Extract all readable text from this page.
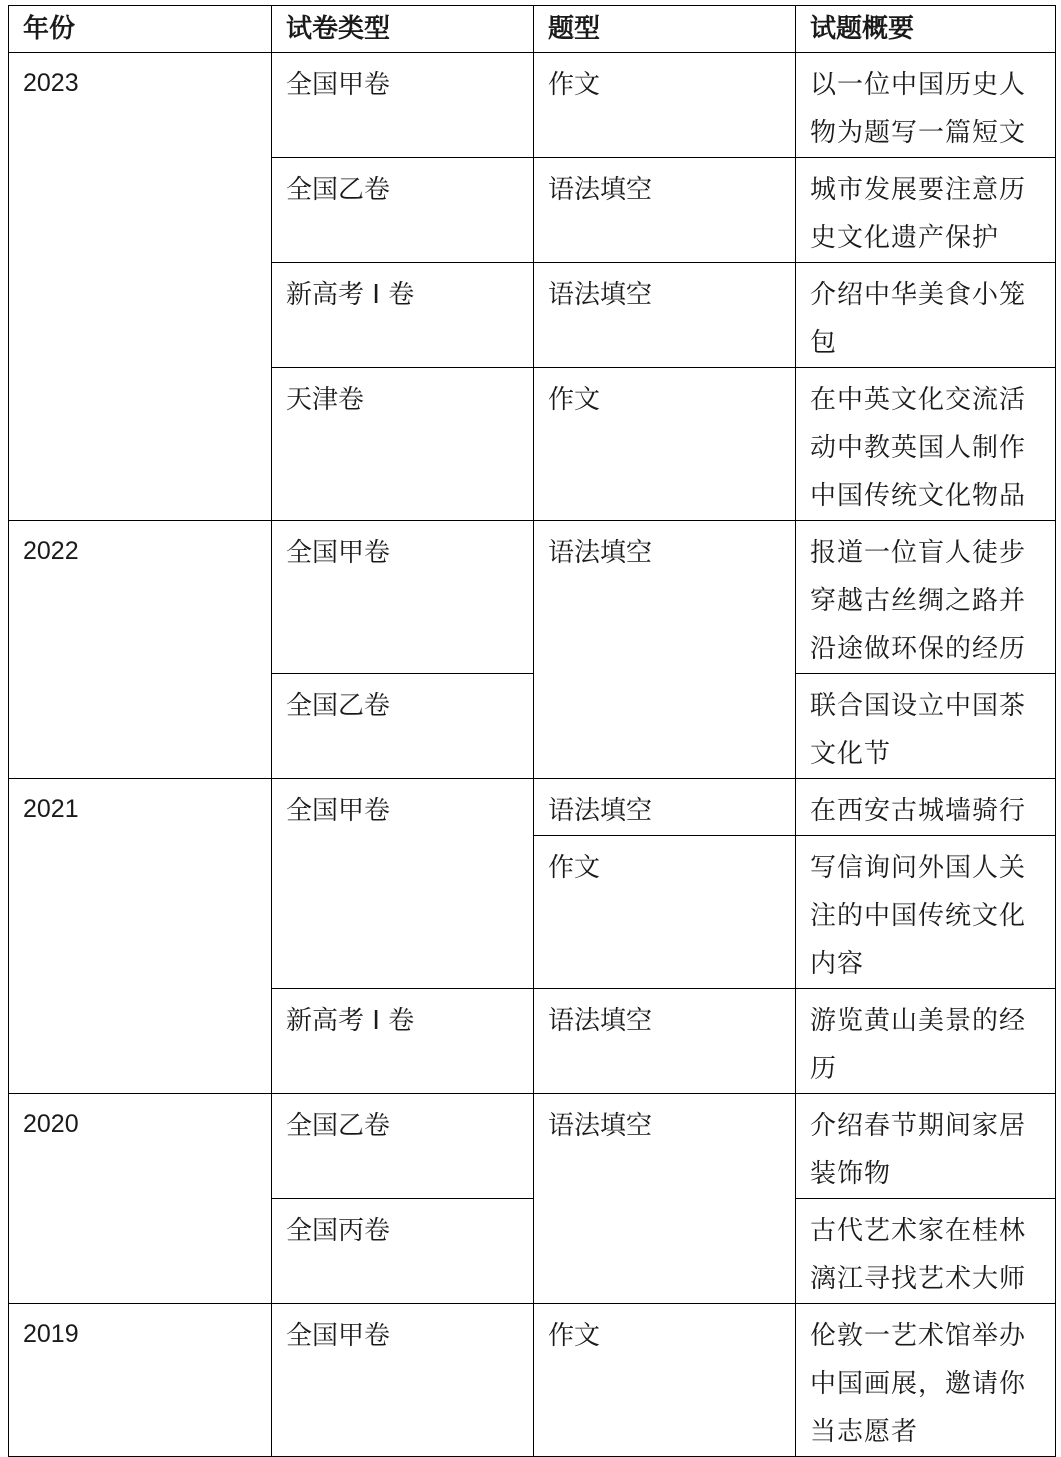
年份	试卷类型	题型	试题概要
2023	全国甲卷	作文	以一位中国历史人物为题写一篇短文
	全国乙卷	语法填空	城市发展要注意历史文化遗产保护
	新高考 I 卷	语法填空	介绍中华美食小笼包
	天津卷	作文	在中英文化交流活动中教英国人制作中国传统文化物品
2022	全国甲卷	语法填空	报道一位盲人徒步穿越古丝绸之路并沿途做环保的经历
	全国乙卷		联合国设立中国茶文化节
2021	全国甲卷	语法填空	在西安古城墙骑行
		作文	写信询问外国人关注的中国传统文化内容
	新高考 I 卷	语法填空	游览黄山美景的经历
2020	全国乙卷	语法填空	介绍春节期间家居装饰物
	全国丙卷		古代艺术家在桂林漓江寻找艺术大师
2019	全国甲卷	作文	伦敦一艺术馆举办中国画展，邀请你当志愿者
